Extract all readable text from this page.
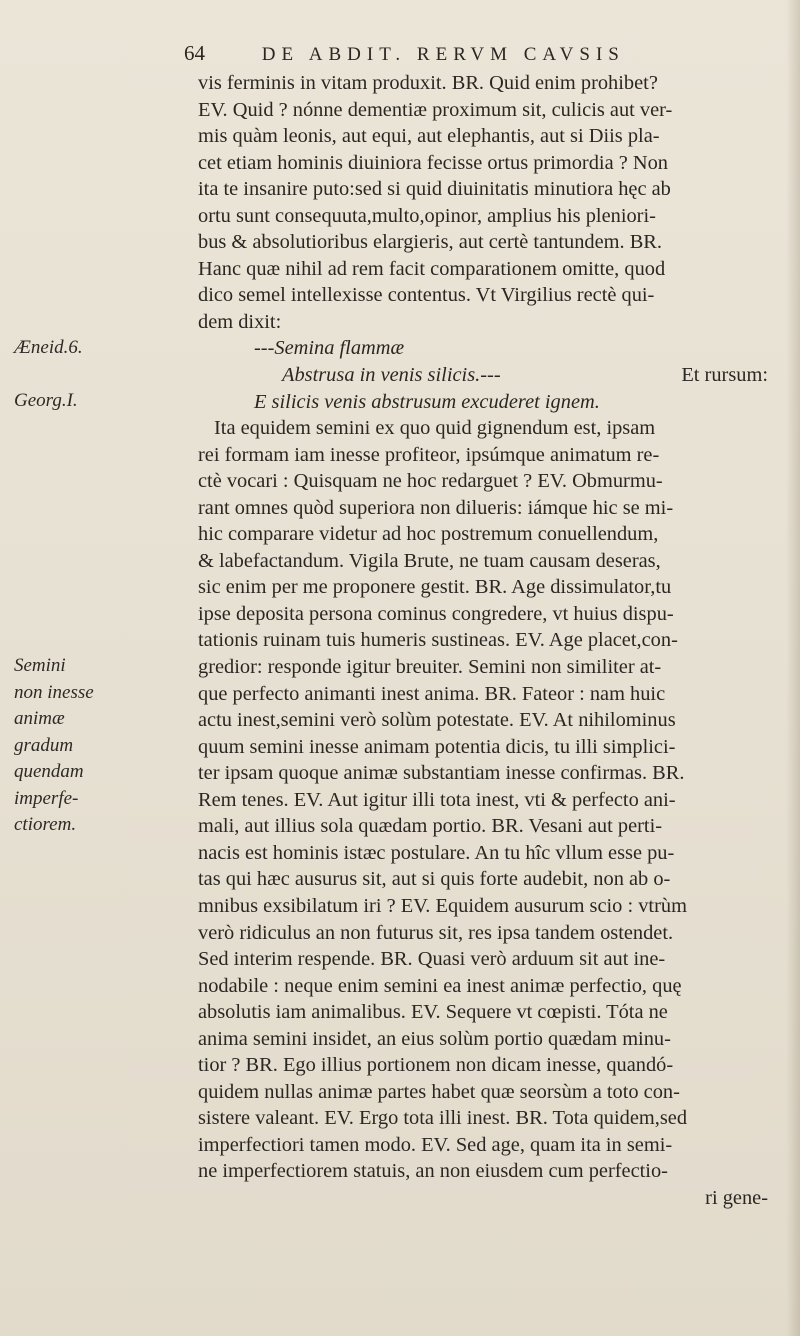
64	DE ABDIT. RERVM CAVSIS
Æneid.6.
Georg.I.
Semini
non inesse
animæ
gradum
quendam
imperfe-
ctiorem.
vis ferminis in vitam produxit. BR. Quid enim prohibet?
EV. Quid ? nónne dementiæ proximum sit, culicis aut ver-
mis quàm leonis, aut equi, aut elephantis, aut si Diis pla-
cet etiam hominis diuiniora fecisse ortus primordia ? Non
ita te insanire puto:sed si quid diuinitatis minutiora hęc ab
ortu sunt consequuta,multo,opinor, amplius his pleniori-
bus & absolutioribus elargieris, aut certè tantundem. BR.
Hanc quæ nihil ad rem facit comparationem omitte, quod
dico semel intellexisse contentus. Vt Virgilius rectè qui-
dem dixit:
---Semina flammæ
Abstrusa in venis silicis.---	Et rursum:
E silicis venis abstrusum excuderet ignem.
Ita equidem semini ex quo quid gignendum est, ipsam
rei formam iam inesse profiteor, ipsúmque animatum re-
ctè vocari : Quisquam ne hoc redarguet ? EV. Obmurmu-
rant omnes quòd superiora non dilueris: iámque hic se mi-
hic comparare videtur ad hoc postremum conuellendum,
& labefactandum. Vigila Brute, ne tuam causam deseras,
sic enim per me proponere gestit. BR. Age dissimulator,tu
ipse deposita persona cominus congredere, vt huius dispu-
tationis ruinam tuis humeris sustineas. EV. Age placet,con-
gredior: responde igitur breuiter. Semini non similiter at-
que perfecto animanti inest anima. BR. Fateor : nam huic
actu inest,semini verò solùm potestate. EV. At nihilominus
quum semini inesse animam potentia dicis, tu illi simplici-
ter ipsam quoque animæ substantiam inesse confirmas. BR.
Rem tenes. EV. Aut igitur illi tota inest, vti & perfecto ani-
mali, aut illius sola quædam portio. BR. Vesani aut perti-
nacis est hominis istæc postulare. An tu hîc vllum esse pu-
tas qui hæc ausurus sit, aut si quis forte audebit, non ab o-
mnibus exsibilatum iri ? EV. Equidem ausurum scio : vtrùm
verò ridiculus an non futurus sit, res ipsa tandem ostendet.
Sed interim respende. BR. Quasi verò arduum sit aut ine-
nodabile : neque enim semini ea inest animæ perfectio, quę
absolutis iam animalibus. EV. Sequere vt cœpisti. Tóta ne
anima semini insidet, an eius solùm portio quædam minu-
tior ? BR. Ego illius portionem non dicam inesse, quandó-
quidem nullas animæ partes habet quæ seorsùm a toto con-
sistere valeant. EV. Ergo tota illi inest. BR. Tota quidem,sed
imperfectiori tamen modo. EV. Sed age, quam ita in semi-
ne imperfectiorem statuis, an non eiusdem cum perfectio-
ri gene-
